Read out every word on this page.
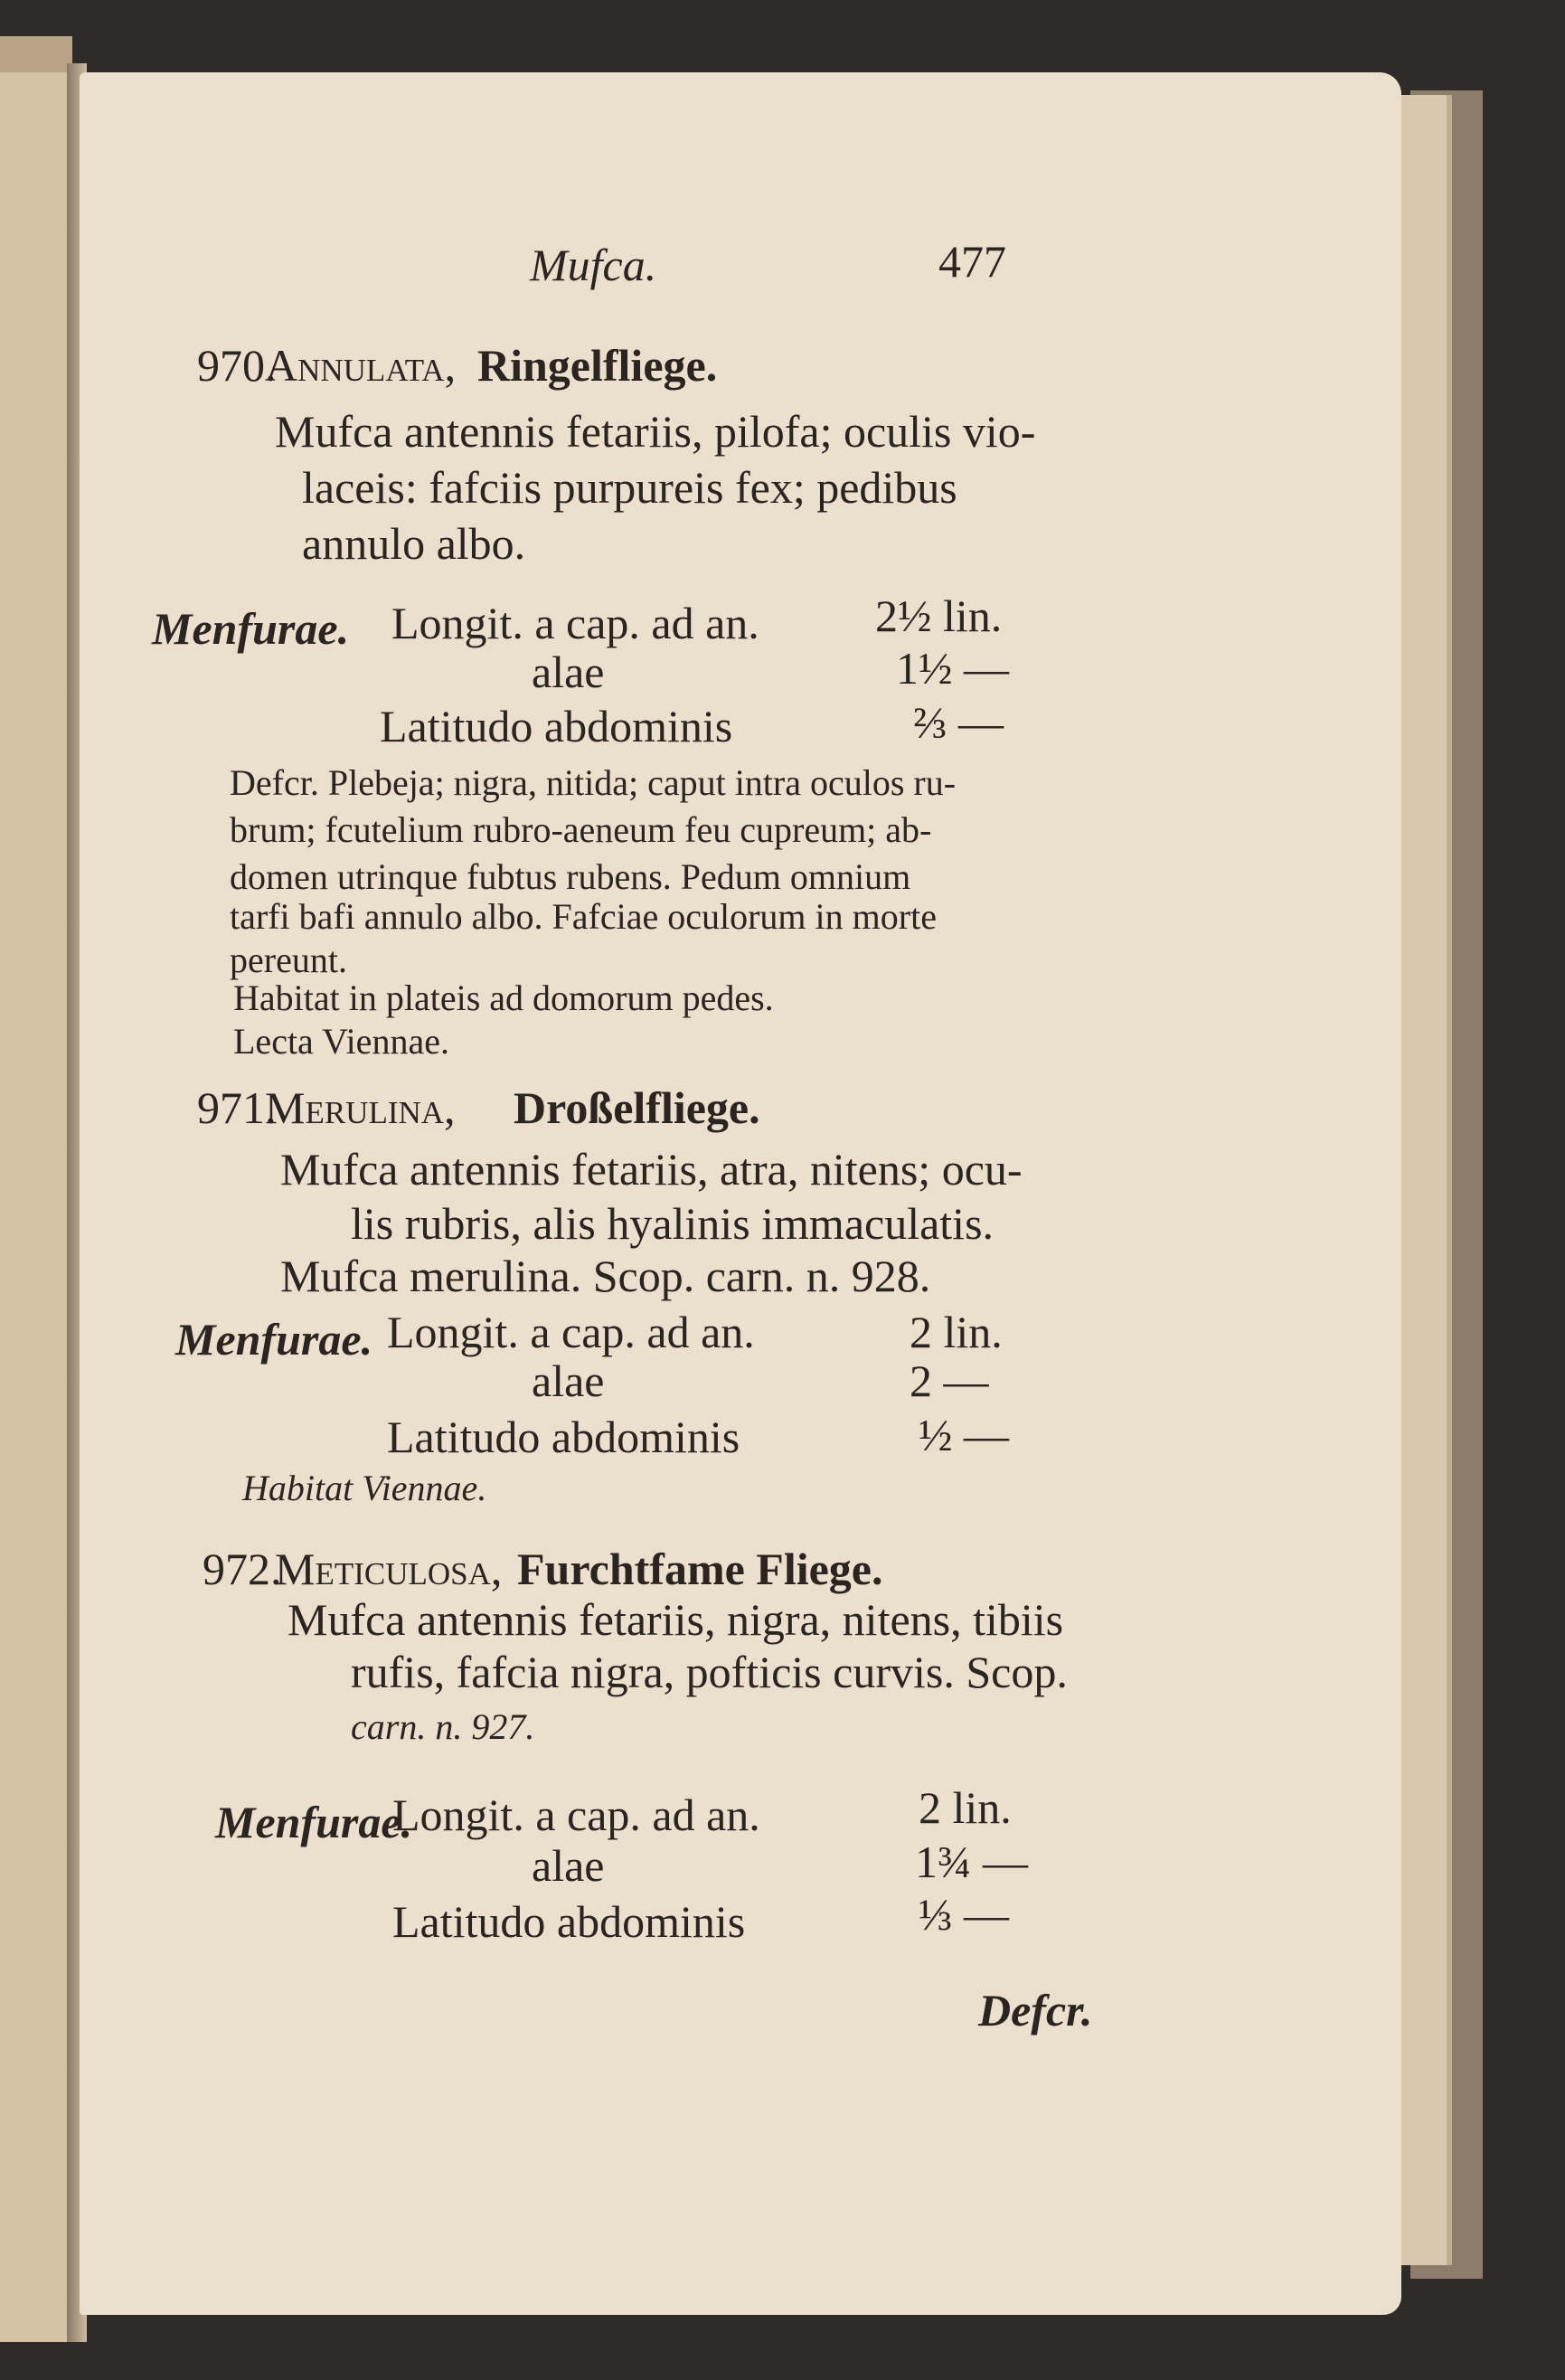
Mufca.	477
970.
Annulata, Ringelfliege.
Mufca antennis fetariis, pilofa; oculis vio-
laceis: fafciis purpureis fex; pedibus
annulo albo.
Menfurae. Longit. a cap. ad an.	2½ lin.
alae	1½ —
Latitudo abdominis	⅔ —
Defcr. Plebeja; nigra, nitida; caput intra oculos ru-
brum; fcutelium rubro-aeneum feu cupreum; ab-
domen utrinque fubtus rubens. Pedum omnium
tarfi bafi annulo albo. Fafciae oculorum in morte
pereunt.
Habitat in plateis ad domorum pedes.
Lecta Viennae.
971.
Merulina, Droßelfliege.
Mufca antennis fetariis, atra, nitens; ocu-
lis rubris, alis hyalinis immaculatis.
Mufca merulina. Scop. carn. n. 928.
Menfurae. Longit. a cap. ad an.	2 lin.
alae	2 —
Latitudo abdominis	½ —
Habitat Viennae.
972.
Meticulosa, Furchtfame Fliege.
Mufca antennis fetariis, nigra, nitens, tibiis
rufis, fafcia nigra, pofticis curvis. Scop.
carn. n. 927.
Menfurae.
Longit. a cap. ad an.	2 lin.
alae	1¾ —
Latitudo abdominis	⅓ —
Defcr.
